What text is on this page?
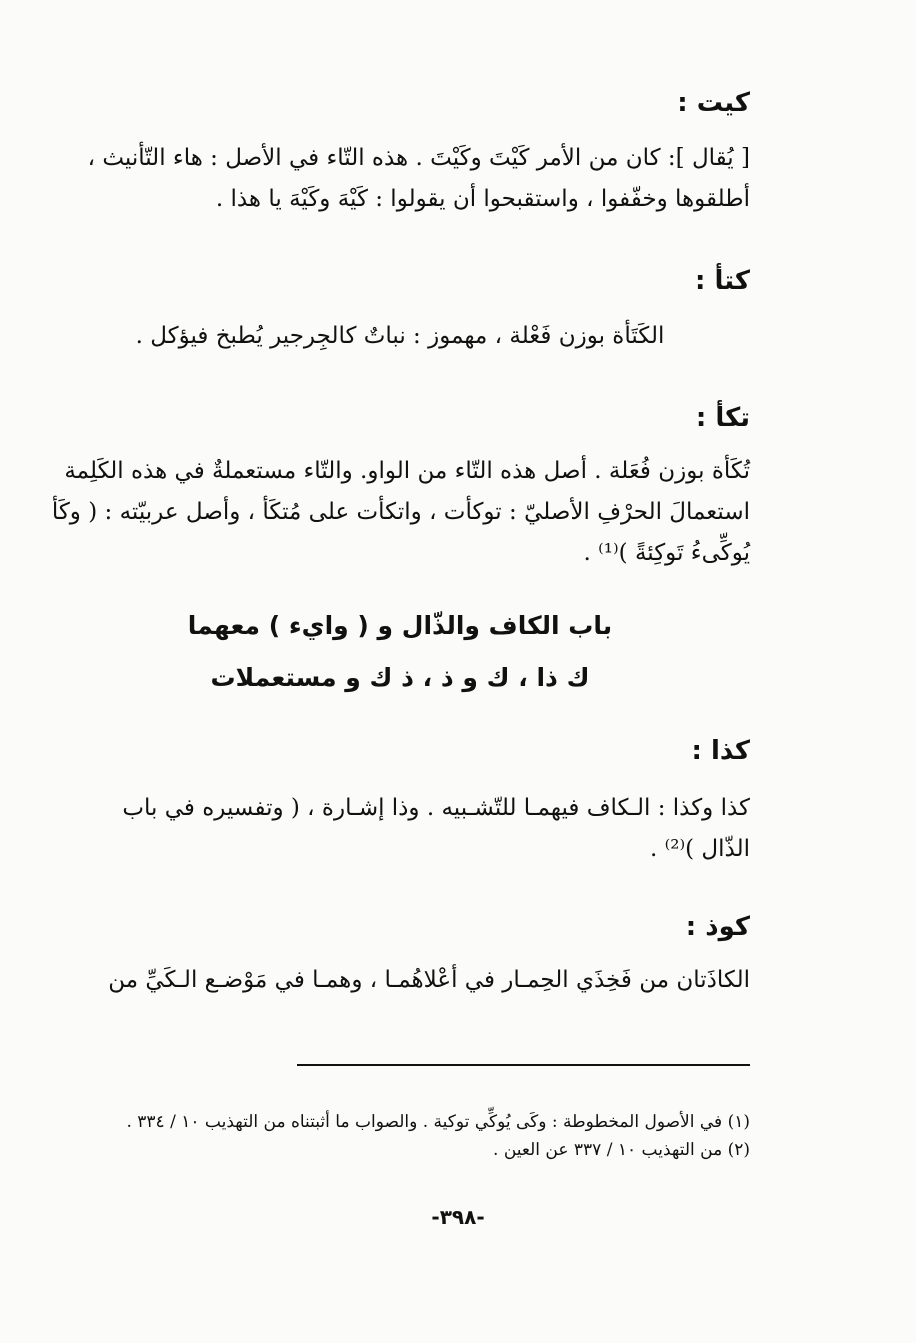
كيت :
[ يُقال ]: كان من الأمر كَيْتَ وكَيْتَ . هذه التّاء في الأصل : هاء التّأنيث ،
أطلقوها وخفّفوا ، واستقبحوا أن يقولوا : كَيْهَ وكَيْهَ يا هذا .
كتأ :
الكَتَأة بوزن فَعْلة ، مهموز : نباتٌ كالجِرجير يُطبخ فيؤكل .
تكأ :
تُكَأة بوزن فُعَلة . أصل هذه التّاء من الواو. والتّاء مستعملةٌ في هذه الكَلِمة
استعمالَ الحرْفِ الأصليّ : توكأت ، واتكأت على مُتكَأ ، وأصل عربيّته : ( وكَأ
يُوكِّىءُ تَوكِئةً )⁽¹⁾ .
باب الكاف والذّال و ( وايء ) معهما
ك ذا ، ك و ذ ، ذ ك و مستعملات
كذا :
كذا وكذا : الـكاف فيهمـا للتّشـبيه . وذا إشـارة ، ( وتفسيره في باب
الذّال )⁽²⁾ .
كوذ :
الكاذَتان من فَخِذَي الحِمـار في أعْلاهُمـا ، وهمـا في مَوْضـع الـكَيِّ من
(١) في الأصول المخطوطة : وكَى يُوكِّي توكية . والصواب ما أثبتناه من التهذيب ١٠ / ٣٣٤ .
(٢) من التهذيب ١٠ / ٣٣٧ عن العين .
-٣٩٨-
